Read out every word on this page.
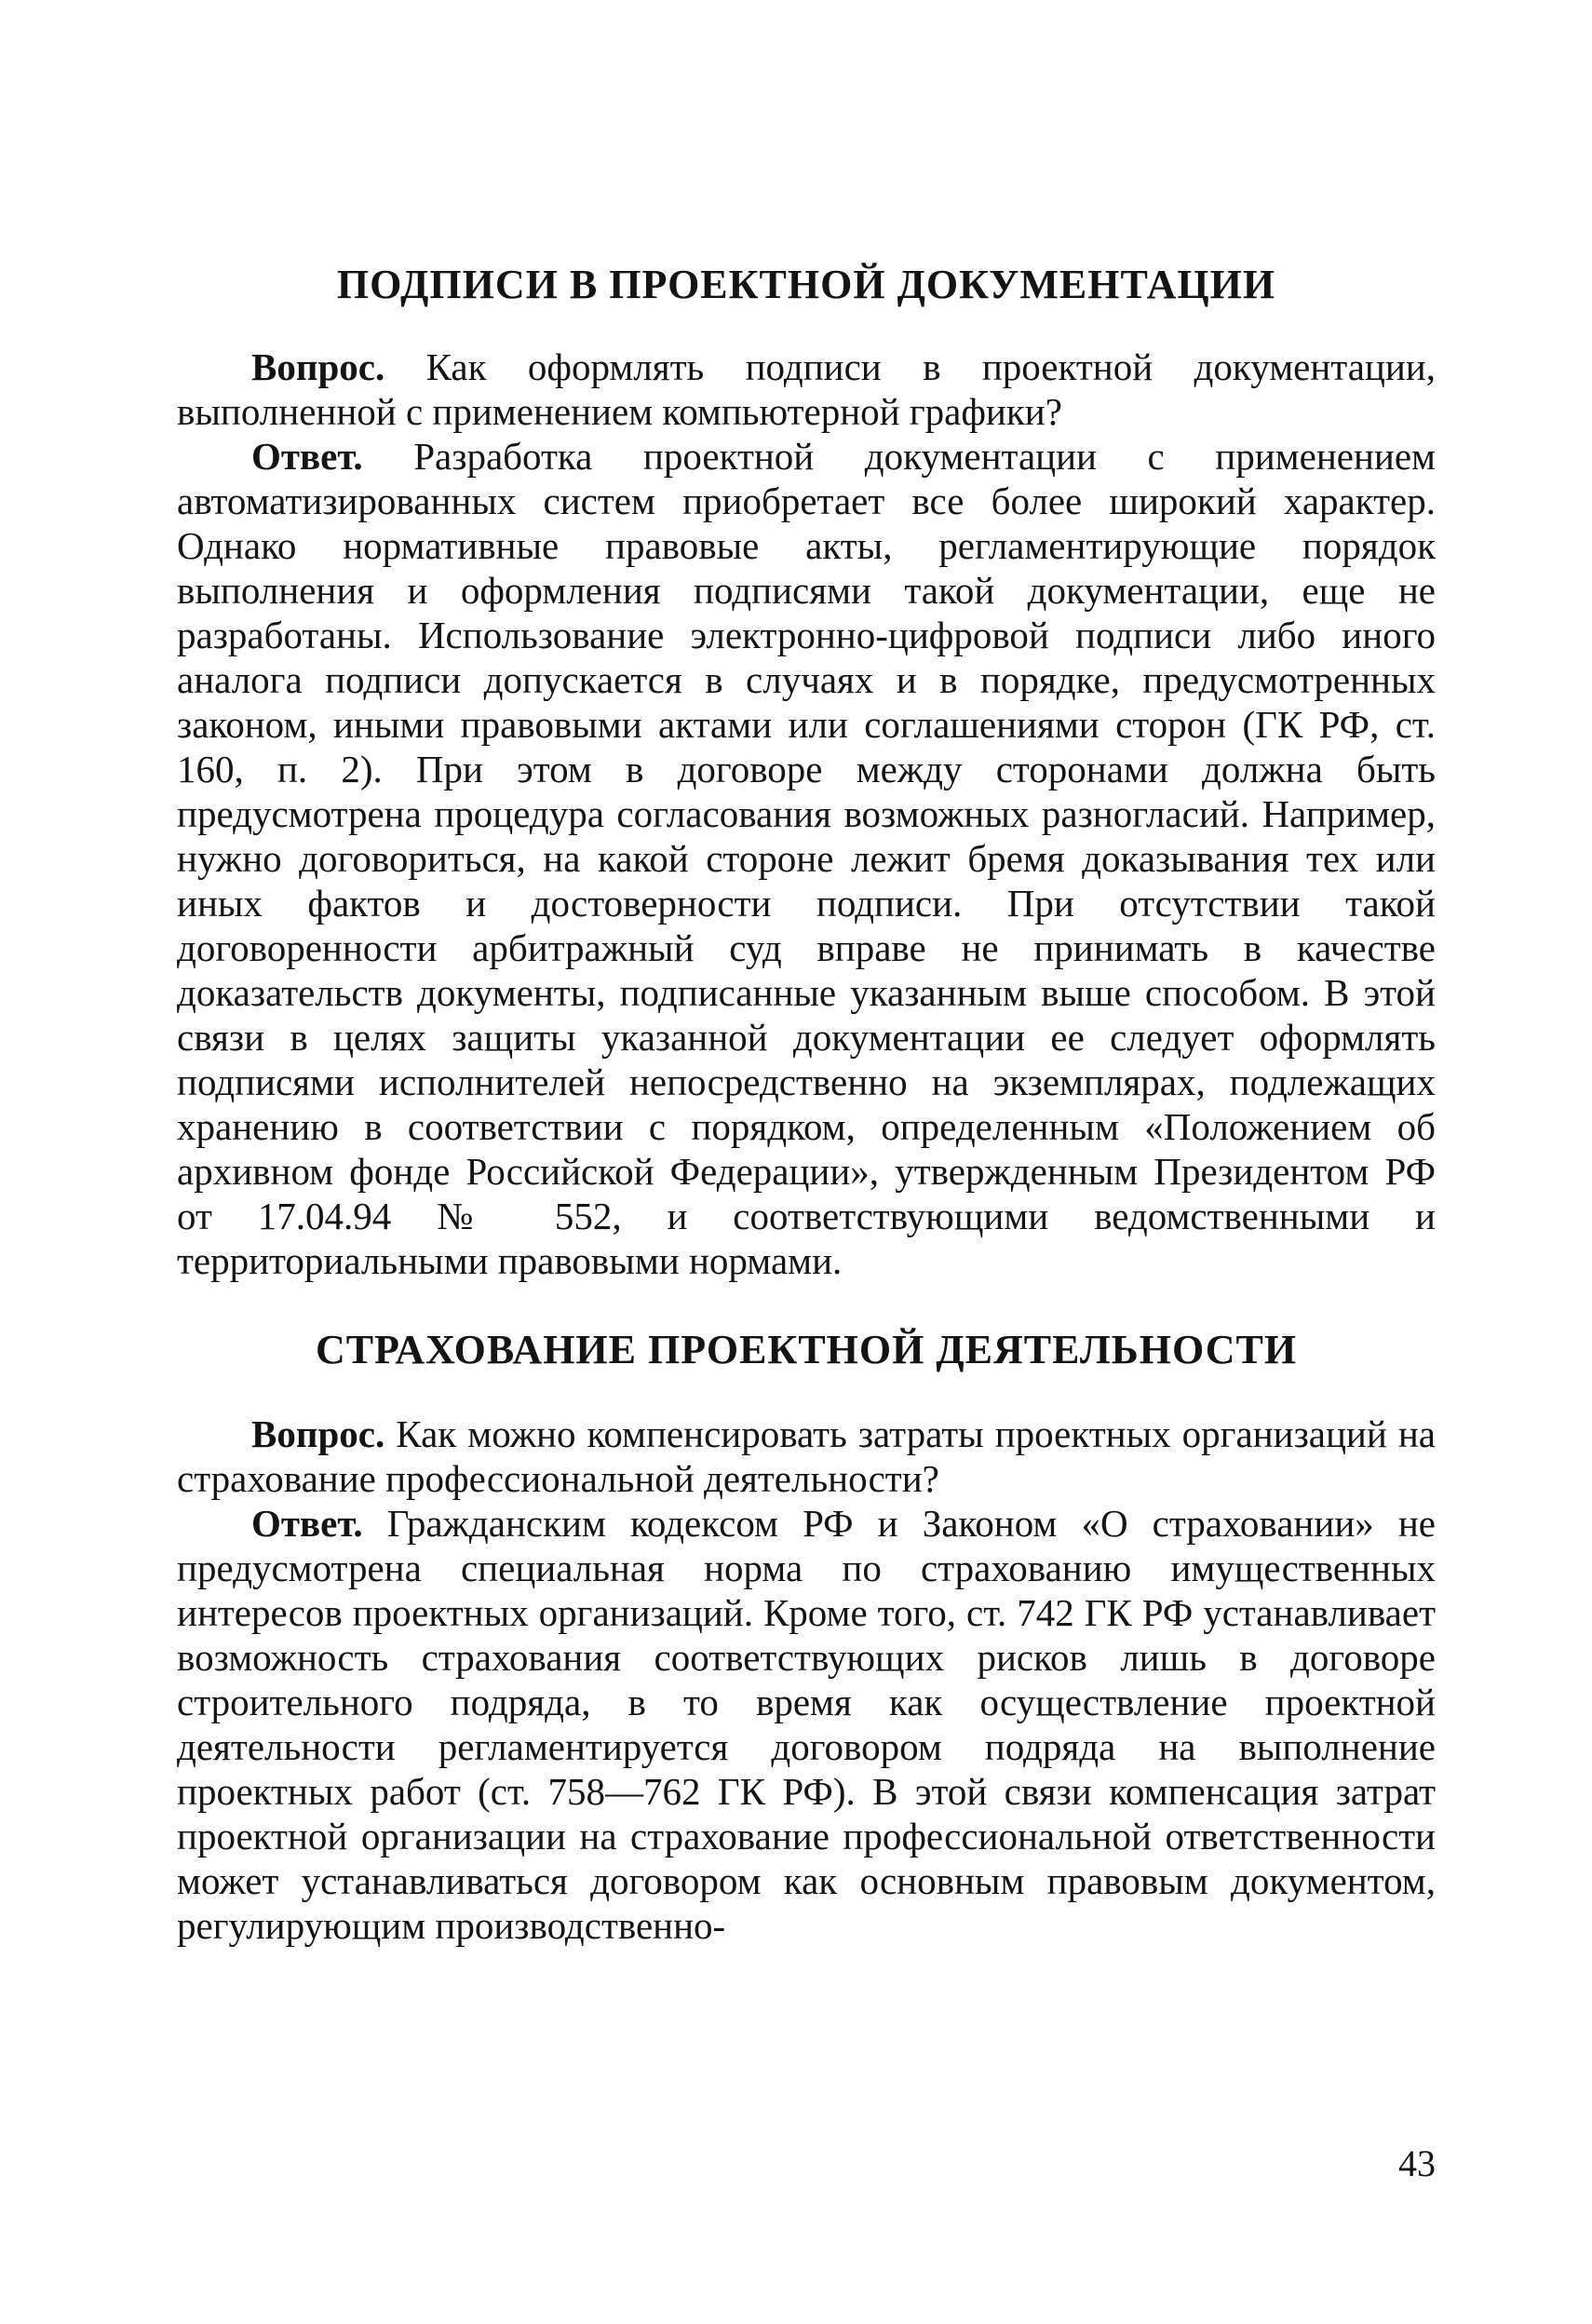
ПОДПИСИ В ПРОЕКТНОЙ ДОКУМЕНТАЦИИ

Вопрос. Как оформлять подписи в проектной документации, выполненной с применением компьютерной графики?

Ответ. Разработка проектной документации с применением автоматизированных систем приобретает все более широкий характер. Однако нормативные правовые акты, регламентирующие порядок выполнения и оформления подписями такой документации, еще не разработаны. Использование электронно-цифровой подписи либо иного аналога подписи допускается в случаях и в порядке, предусмотренных законом, иными правовыми актами или соглашениями сторон (ГК РФ, ст. 160, п. 2). При этом в договоре между сторонами должна быть предусмотрена процедура согласования возможных разногласий. Например, нужно договориться, на какой стороне лежит бремя доказывания тех или иных фактов и достоверности подписи. При отсутствии такой договоренности арбитражный суд вправе не принимать в качестве доказательств документы, подписанные указанным выше способом. В этой связи в целях защиты указанной документации ее следует оформлять подписями исполнителей непосредственно на экземплярах, подлежащих хранению в соответствии с порядком, определенным «Положением об архивном фонде Российской Федерации», утвержденным Президентом РФ от 17.04.94 № 552, и соответствующими ведомственными и территориальными правовыми нормами.

СТРАХОВАНИЕ ПРОЕКТНОЙ ДЕЯТЕЛЬНОСТИ

Вопрос. Как можно компенсировать затраты проектных организаций на страхование профессиональной деятельности?

Ответ. Гражданским кодексом РФ и Законом «О страховании» не предусмотрена специальная норма по страхованию имущественных интересов проектных организаций. Кроме того, ст. 742 ГК РФ устанавливает возможность страхования соответствующих рисков лишь в договоре строительного подряда, в то время как осуществление проектной деятельности регламентируется договором подряда на выполнение проектных работ (ст. 758—762 ГК РФ). В этой связи компенсация затрат проектной организации на страхование профессиональной ответственности может устанавливаться договором как основным правовым документом, регулирующим производственно-

43
